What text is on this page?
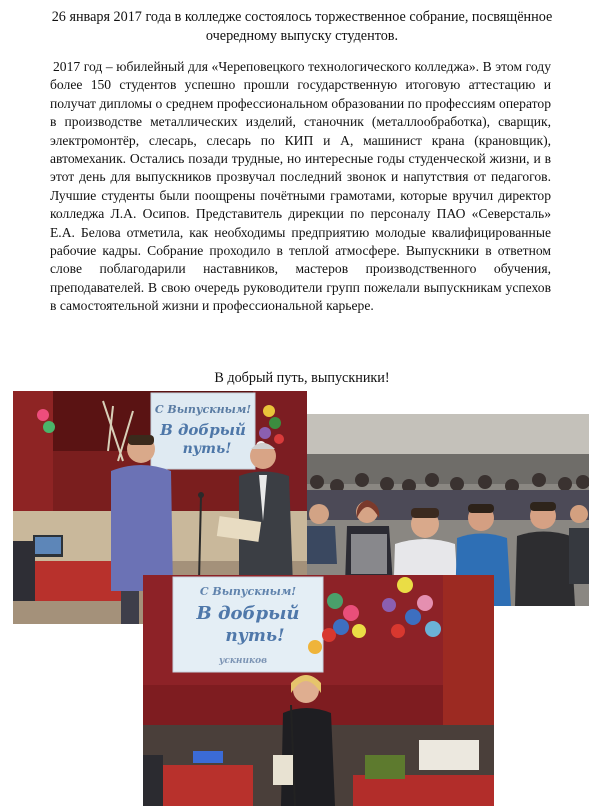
26 января 2017 года в колледже состоялось торжественное собрание, посвящённое очередному выпуску студентов.

2017 год – юбилейный для «Череповецкого технологического колледжа». В этом году более 150 студентов успешно прошли государственную итоговую аттестацию и получат дипломы о среднем профессиональном образовании по профессиям оператор в производстве металлических изделий, станочник (металлообработка), сварщик, электромонтёр, слесарь, слесарь по КИП и А, машинист крана (крановщик), автомеханик. Остались позади трудные, но интересные годы студенческой жизни, и в этот день для выпускников прозвучал последний звонок и напутствия от педагогов. Лучшие студенты были поощрены почётными грамотами, которые вручил директор колледжа Л.А. Осипов. Представитель дирекции по персоналу ПАО «Северсталь» Е.А. Белова отметила, как необходимы предприятию молодые квалифицированные рабочие кадры. Собрание проходило в теплой атмосфере. Выпускники в ответном слове поблагодарили наставников, мастеров производственного обучения, преподавателей. В свою очередь руководители групп пожелали выпускникам успехов в самостоятельной жизни и профессиональной карьере.

В добрый путь, выпускники!

С Выпускным!
В добрый
путь!
С Выпускным!
В добрый
путь!
ускников
